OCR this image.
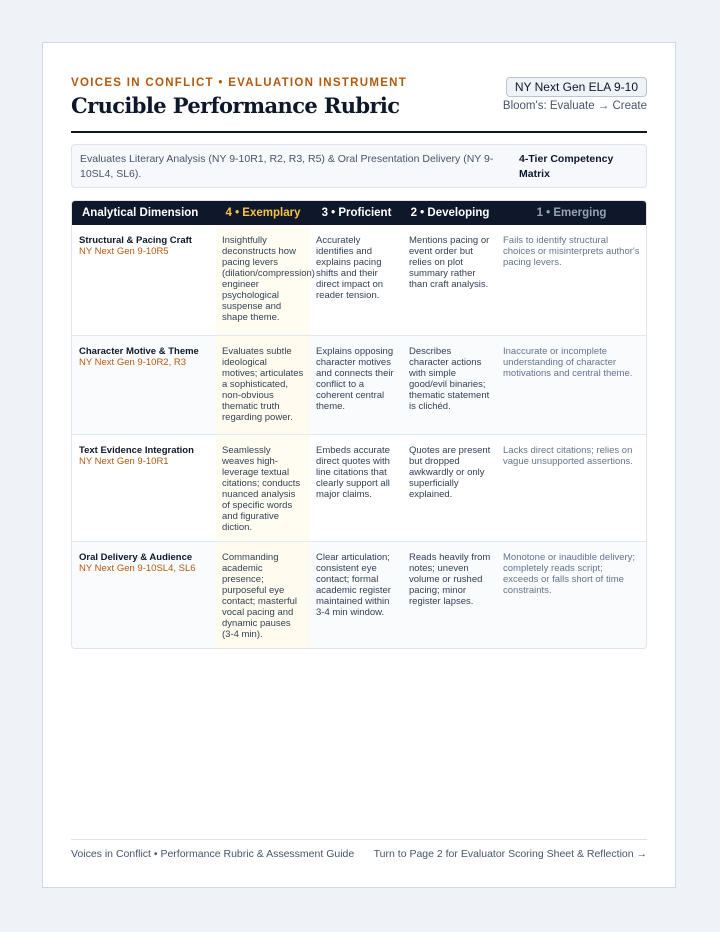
VOICES IN CONFLICT • EVALUATION INSTRUMENT
Crucible Performance Rubric
NY Next Gen ELA 9-10
Bloom's: Evaluate → Create
Evaluates Literary Analysis (NY 9-10R1, R2, R3, R5) & Oral Presentation Delivery (NY 9-10SL4, SL6).
4-Tier Competency Matrix
Analytical Dimension	4 • Exemplary	3 • Proficient	2 • Developing	1 • Emerging

Structural & Pacing Craft
NY Next Gen 9-10R5	Insightfully deconstructs how pacing levers (dilation/compression) engineer psychological suspense and shape theme.	Accurately identifies and explains pacing shifts and their direct impact on reader tension.	Mentions pacing or event order but relies on plot summary rather than craft analysis.	Fails to identify structural choices or misinterprets author's pacing levers.

Character Motive & Theme
NY Next Gen 9-10R2, R3	Evaluates subtle ideological motives; articulates a sophisticated, non-obvious thematic truth regarding power.	Explains opposing character motives and connects their conflict to a coherent central theme.	Describes character actions with simple good/evil binaries; thematic statement is clichéd.	Inaccurate or incomplete understanding of character motivations and central theme.

Text Evidence Integration
NY Next Gen 9-10R1	Seamlessly weaves high-leverage textual citations; conducts nuanced analysis of specific words and figurative diction.	Embeds accurate direct quotes with line citations that clearly support all major claims.	Quotes are present but dropped awkwardly or only superficially explained.	Lacks direct citations; relies on vague unsupported assertions.

Oral Delivery & Audience
NY Next Gen 9-10SL4, SL6	Commanding academic presence; purposeful eye contact; masterful vocal pacing and dynamic pauses (3-4 min).	Clear articulation; consistent eye contact; formal academic register maintained within 3-4 min window.	Reads heavily from notes; uneven volume or rushed pacing; minor register lapses.	Monotone or inaudible delivery; completely reads script; exceeds or falls short of time constraints.
Voices in Conflict • Performance Rubric & Assessment Guide Turn to Page 2 for Evaluator Scoring Sheet & Reflection →
